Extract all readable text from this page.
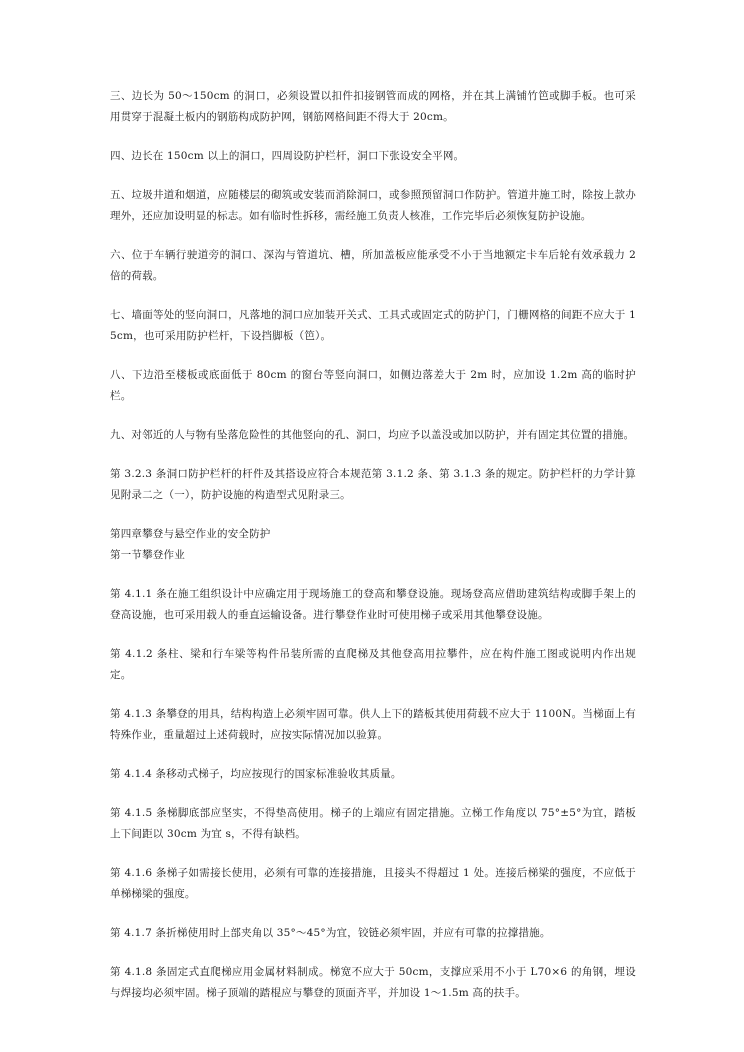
三、边长为 50～150cm 的洞口，必须设置以扣件扣接钢管而成的网格，并在其上满铺竹笆或脚手板。也可采用贯穿于混凝土板内的钢筋构成防护网，钢筋网格间距不得大于 20cm。

四、边长在 150cm 以上的洞口，四周设防护栏杆，洞口下张设安全平网。

五、垃圾井道和烟道，应随楼层的砌筑或安装而消除洞口，或参照预留洞口作防护。管道井施工时，除按上款办理外，还应加设明显的标志。如有临时性拆移，需经施工负责人核准，工作完毕后必须恢复防护设施。

六、位于车辆行驶道旁的洞口、深沟与管道坑、槽，所加盖板应能承受不小于当地额定卡车后轮有效承载力 2 倍的荷载。

七、墙面等处的竖向洞口，凡落地的洞口应加装开关式、工具式或固定式的防护门，门栅网格的间距不应大于 15cm，也可采用防护栏杆，下设挡脚板（笆）。

八、下边沿至楼板或底面低于 80cm 的窗台等竖向洞口，如侧边落差大于 2m 时，应加设 1.2m 高的临时护栏。

九、对邻近的人与物有坠落危险性的其他竖向的孔、洞口，均应予以盖没或加以防护，并有固定其位置的措施。

第 3.2.3 条洞口防护栏杆的杆件及其搭设应符合本规范第 3.1.2 条、第 3.1.3 条的规定。防护栏杆的力学计算见附录二之（一），防护设施的构造型式见附录三。

第四章攀登与悬空作业的安全防护

第一节攀登作业

第 4.1.1 条在施工组织设计中应确定用于现场施工的登高和攀登设施。现场登高应借助建筑结构或脚手架上的登高设施，也可采用载人的垂直运输设备。进行攀登作业时可使用梯子或采用其他攀登设施。

第 4.1.2 条柱、梁和行车梁等构件吊装所需的直爬梯及其他登高用拉攀件，应在构件施工图或说明内作出规定。

第 4.1.3 条攀登的用具，结构构造上必须牢固可靠。供人上下的踏板其使用荷载不应大于 1100N。当梯面上有特殊作业，重量超过上述荷载时，应按实际情况加以验算。

第 4.1.4 条移动式梯子，均应按现行的国家标准验收其质量。

第 4.1.5 条梯脚底部应坚实，不得垫高使用。梯子的上端应有固定措施。立梯工作角度以 75°±5°为宜，踏板上下间距以 30cm 为宜 s，不得有缺档。

第 4.1.6 条梯子如需接长使用，必须有可靠的连接措施，且接头不得超过 1 处。连接后梯梁的强度，不应低于单梯梯梁的强度。

第 4.1.7 条折梯使用时上部夹角以 35°～45°为宜，铰链必须牢固，并应有可靠的拉撑措施。

第 4.1.8 条固定式直爬梯应用金属材料制成。梯宽不应大于 50cm，支撑应采用不小于 L70×6 的角钢，埋设与焊接均必须牢固。梯子顶端的踏棍应与攀登的顶面齐平，并加设 1～1.5m 高的扶手。
